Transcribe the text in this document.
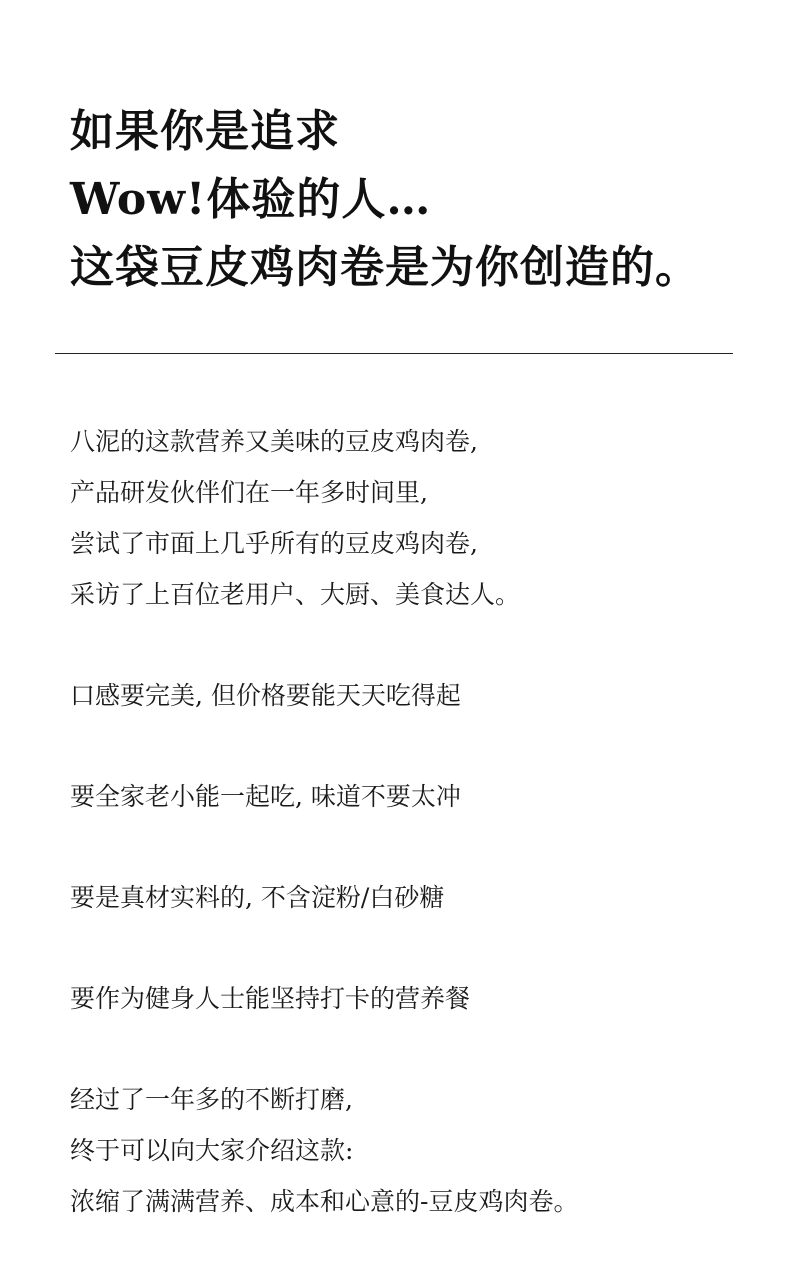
如果你是追求
Wow!体验的人…
这袋豆皮鸡肉卷是为你创造的。
八泥的这款营养又美味的豆皮鸡肉卷,
产品研发伙伴们在一年多时间里,
尝试了市面上几乎所有的豆皮鸡肉卷,
采访了上百位老用户、大厨、美食达人。
口感要完美, 但价格要能天天吃得起
要全家老小能一起吃, 味道不要太冲
要是真材实料的, 不含淀粉/白砂糖
要作为健身人士能坚持打卡的营养餐
经过了一年多的不断打磨,
终于可以向大家介绍这款:
浓缩了满满营养、成本和心意的-豆皮鸡肉卷。
